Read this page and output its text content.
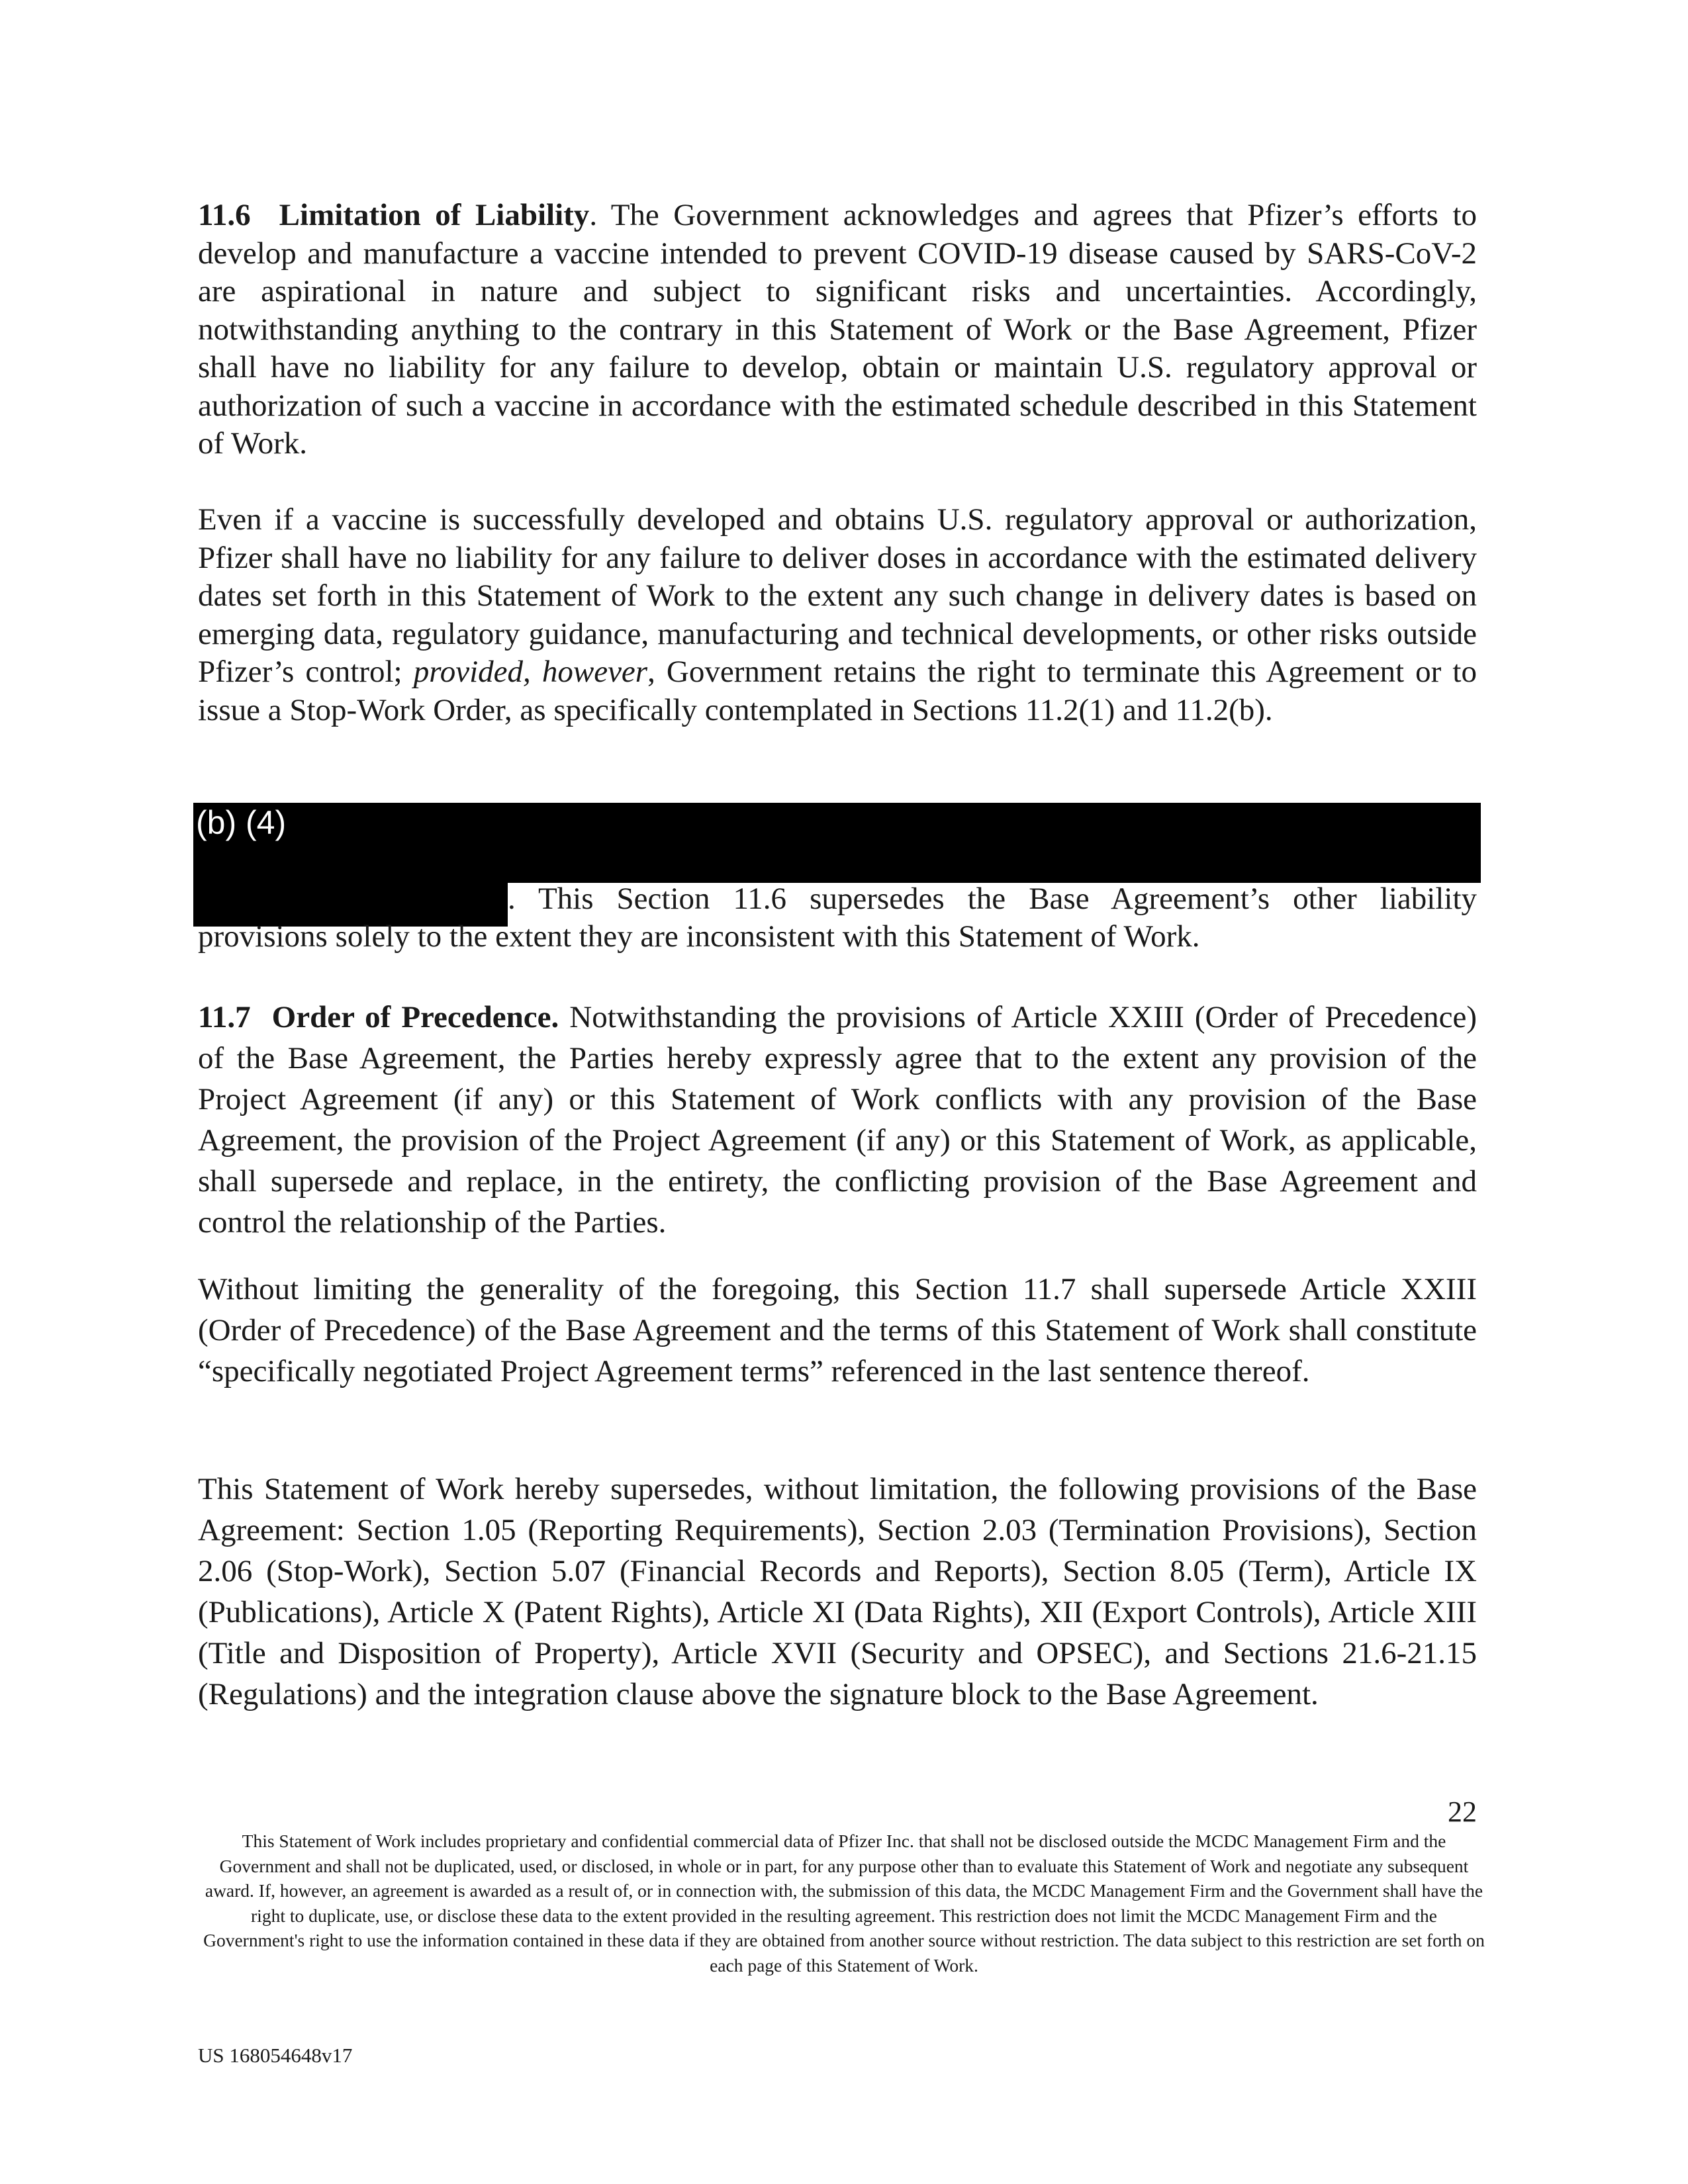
11.6 Limitation of Liability. The Government acknowledges and agrees that Pfizer’s efforts to develop and manufacture a vaccine intended to prevent COVID-19 disease caused by SARS-CoV-2 are aspirational in nature and subject to significant risks and uncertainties. Accordingly, notwithstanding anything to the contrary in this Statement of Work or the Base Agreement, Pfizer shall have no liability for any failure to develop, obtain or maintain U.S. regulatory approval or authorization of such a vaccine in accordance with the estimated schedule described in this Statement of Work.

Even if a vaccine is successfully developed and obtains U.S. regulatory approval or authorization, Pfizer shall have no liability for any failure to deliver doses in accordance with the estimated delivery dates set forth in this Statement of Work to the extent any such change in delivery dates is based on emerging data, regulatory guidance, manufacturing and technical developments, or other risks outside Pfizer’s control; provided, however, Government retains the right to terminate this Agreement or to issue a Stop-Work Order, as specifically contemplated in Sections 11.2(1) and 11.2(b).

(b) (4)

. This Section 11.6 supersedes the Base Agreement’s other liability

provisions solely to the extent they are inconsistent with this Statement of Work.

11.7 Order of Precedence. Notwithstanding the provisions of Article XXIII (Order of Precedence) of the Base Agreement, the Parties hereby expressly agree that to the extent any provision of the Project Agreement (if any) or this Statement of Work conflicts with any provision of the Base Agreement, the provision of the Project Agreement (if any) or this Statement of Work, as applicable, shall supersede and replace, in the entirety, the conflicting provision of the Base Agreement and control the relationship of the Parties.

Without limiting the generality of the foregoing, this Section 11.7 shall supersede Article XXIII (Order of Precedence) of the Base Agreement and the terms of this Statement of Work shall constitute “specifically negotiated Project Agreement terms” referenced in the last sentence thereof.

This Statement of Work hereby supersedes, without limitation, the following provisions of the Base Agreement: Section 1.05 (Reporting Requirements), Section 2.03 (Termination Provisions), Section 2.06 (Stop-Work), Section 5.07 (Financial Records and Reports), Section 8.05 (Term), Article IX (Publications), Article X (Patent Rights), Article XI (Data Rights), XII (Export Controls), Article XIII (Title and Disposition of Property), Article XVII (Security and OPSEC), and Sections 21.6-21.15 (Regulations) and the integration clause above the signature block to the Base Agreement.

22

This Statement of Work includes proprietary and confidential commercial data of Pfizer Inc. that shall not be disclosed outside the MCDC Management Firm and the Government and shall not be duplicated, used, or disclosed, in whole or in part, for any purpose other than to evaluate this Statement of Work and negotiate any subsequent award. If, however, an agreement is awarded as a result of, or in connection with, the submission of this data, the MCDC Management Firm and the Government shall have the right to duplicate, use, or disclose these data to the extent provided in the resulting agreement. This restriction does not limit the MCDC Management Firm and the Government's right to use the information contained in these data if they are obtained from another source without restriction. The data subject to this restriction are set forth on each page of this Statement of Work.

US 168054648v17
